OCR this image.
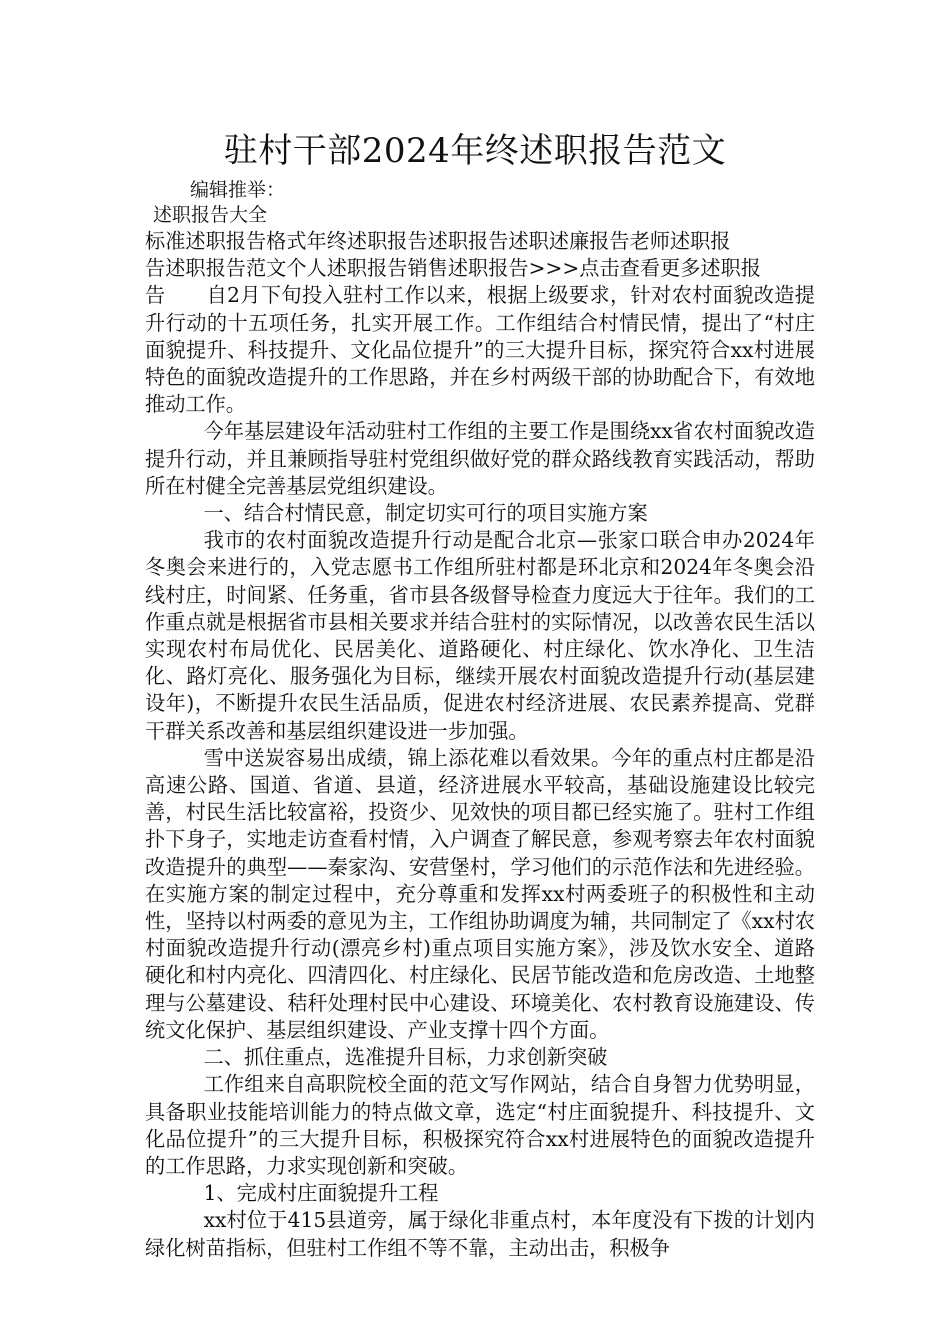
驻村干部2024年终述职报告范文
编辑推举：
述职报告大全

标准述职报告格式年终述职报告述职报告述职述廉报告老师述职报

告述职报告范文个人述职报告销售述职报告>>>点击查看更多述职报

告　　自2月下旬投入驻村工作以来，根据上级要求，针对农村面貌改造提升行动的十五项任务，扎实开展工作。工作组结合村情民情，提出了“村庄面貌提升、科技提升、文化品位提升”的三大提升目标，探究符合xx村进展特色的面貌改造提升的工作思路，并在乡村两级干部的协助配合下，有效地推动工作。

今年基层建设年活动驻村工作组的主要工作是围绕xx省农村面貌改造提升行动，并且兼顾指导驻村党组织做好党的群众路线教育实践活动，帮助所在村健全完善基层党组织建设。

一、结合村情民意，制定切实可行的项目实施方案

我市的农村面貌改造提升行动是配合北京—张家口联合申办2024年冬奥会来进行的，入党志愿书工作组所驻村都是环北京和2024年冬奥会沿线村庄，时间紧、任务重，省市县各级督导检查力度远大于往年。我们的工作重点就是根据省市县相关要求并结合驻村的实际情况，以改善农民生活以实现农村布局优化、民居美化、道路硬化、村庄绿化、饮水净化、卫生洁化、路灯亮化、服务强化为目标，继续开展农村面貌改造提升行动(基层建设年)，不断提升农民生活品质，促进农村经济进展、农民素养提高、党群干群关系改善和基层组织建设进一步加强。

雪中送炭容易出成绩，锦上添花难以看效果。今年的重点村庄都是沿高速公路、国道、省道、县道，经济进展水平较高，基础设施建设比较完善，村民生活比较富裕，投资少、见效快的项目都已经实施了。驻村工作组扑下身子，实地走访查看村情，入户调查了解民意，参观考察去年农村面貌改造提升的典型——秦家沟、安营堡村，学习他们的示范作法和先进经验。在实施方案的制定过程中，充分尊重和发挥xx村两委班子的积极性和主动性，坚持以村两委的意见为主，工作组协助调度为辅，共同制定了《xx村农村面貌改造提升行动(漂亮乡村)重点项目实施方案》，涉及饮水安全、道路硬化和村内亮化、四清四化、村庄绿化、民居节能改造和危房改造、土地整理与公墓建设、秸秆处理村民中心建设、环境美化、农村教育设施建设、传统文化保护、基层组织建设、产业支撑十四个方面。

二、抓住重点，选准提升目标，力求创新突破

工作组来自高职院校全面的范文写作网站，结合自身智力优势明显，具备职业技能培训能力的特点做文章，选定“村庄面貌提升、科技提升、文化品位提升”的三大提升目标，积极探究符合xx村进展特色的面貌改造提升的工作思路，力求实现创新和突破。

1、完成村庄面貌提升工程

xx村位于415县道旁，属于绿化非重点村，本年度没有下拨的计划内绿化树苗指标，但驻村工作组不等不靠，主动出击，积极争
